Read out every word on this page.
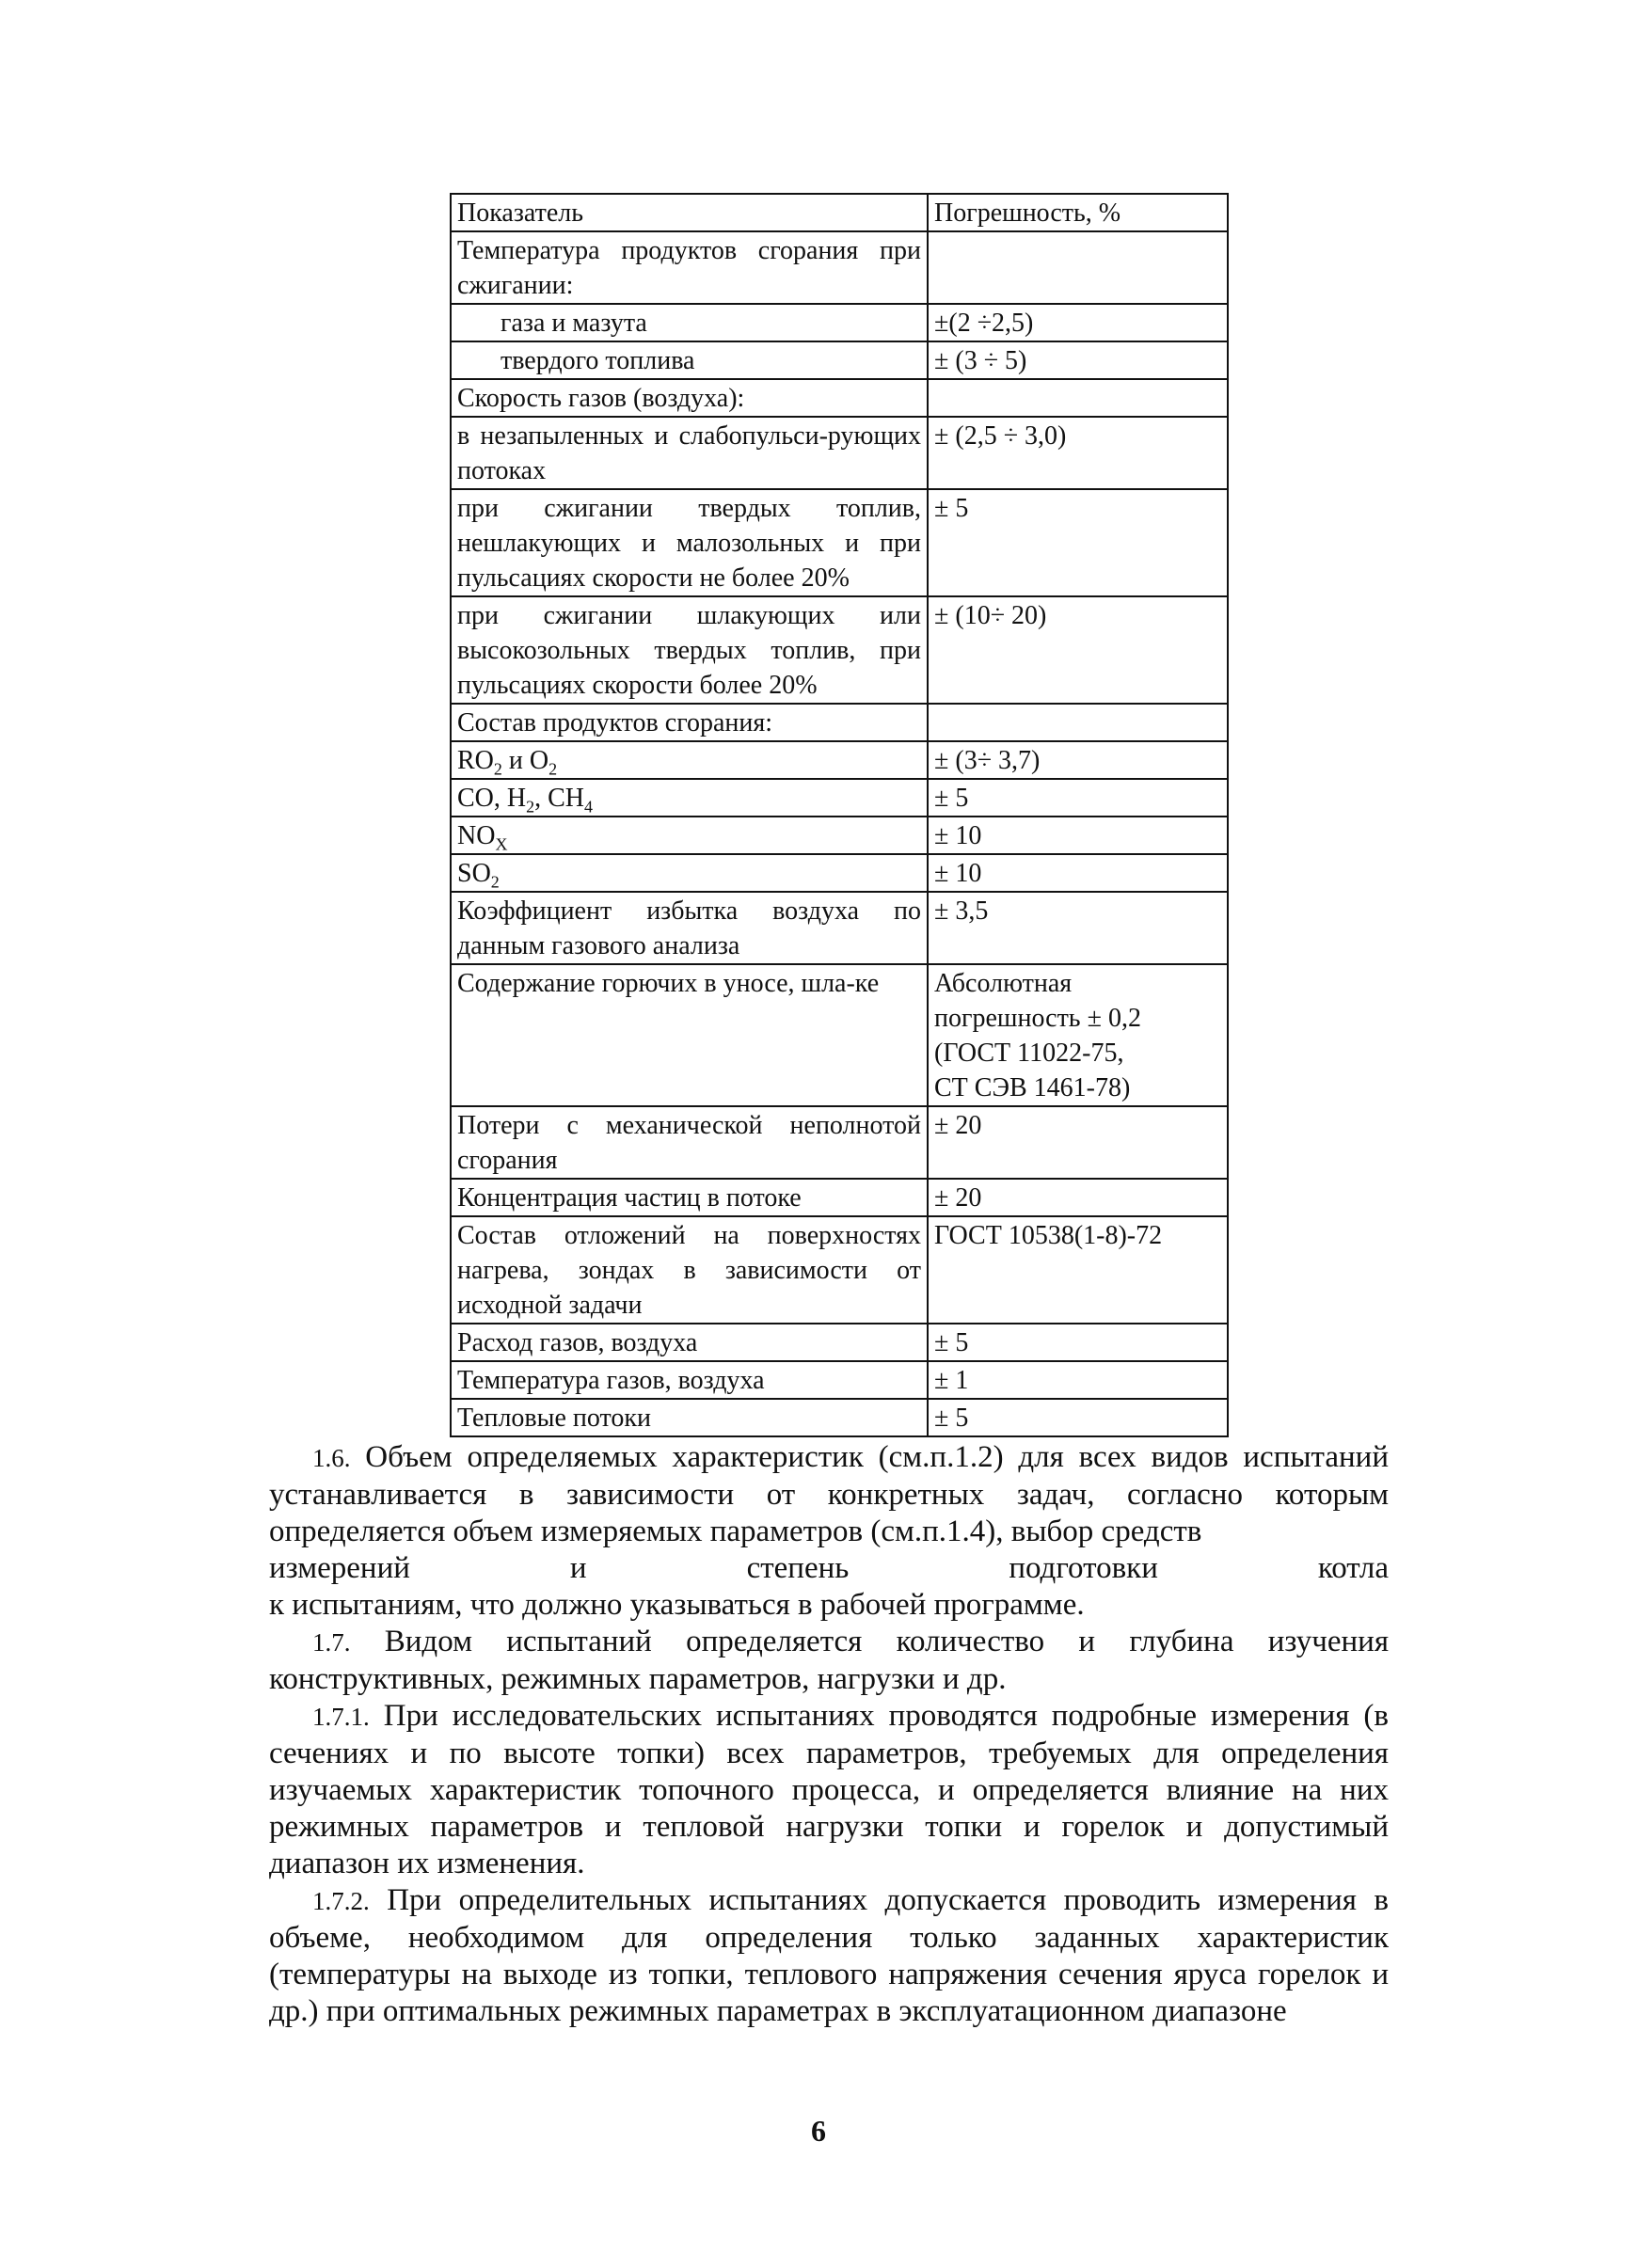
Показатель	Погрешность, %
Температура продуктов сгорания при сжигании:	
газа и мазута	±(2 ÷2,5)
твердого топлива	± (3 ÷ 5)
Скорость газов (воздуха):	
в незапыленных и слабопульси-рующих потоках	± (2,5 ÷ 3,0)
при сжигании твердых топлив, нешлакующих и малозольных и при пульсациях скорости не более 20%	± 5
при сжигании шлакующих или высокозольных твердых топлив, при пульсациях скорости более 20%	± (10÷ 20)
Состав продуктов сгорания:	
$RO_2$ и $O_2$	± (3÷ 3,7)
CO, $H_2$, $CH_4$	± 5
$NO_X$	± 10
$SO_2$	± 10
Коэффициент избытка воздуха по данным газового анализа	± 3,5
Содержание горючих в уносе, шла-ке	Абсолютная
погрешность ± 0,2
(ГОСТ 11022-75,
СТ СЭВ 1461-78)

Потери с механической неполнотой сгорания	± 20
Концентрация частиц в потоке	± 20
Состав отложений на поверхностях нагрева, зондах в зависимости от исходной задачи	ГОСТ 10538(1-8)-72
Расход газов, воздуха	± 5
Температура газов, воздуха	± 1
Тепловые потоки	± 5

1.6. Объем определяемых характеристик (см.п.1.2) для всех видов испытаний устанавливается в зависимости от конкретных задач, согласно которым определяется объем измеряемых параметров (см.п.1.4), выбор средств

измерений и степень подготовки котла

к испытаниям, что должно указываться в рабочей программе.

1.7. Видом испытаний определяется количество и глубина изучения конструктивных, режимных параметров, нагрузки и др.

1.7.1. При исследовательских испытаниях проводятся подробные измерения (в сечениях и по высоте топки) всех параметров, требуемых для определения изучаемых характеристик топочного процесса, и определяется влияние на них режимных параметров и тепловой нагрузки топки и горелок и допустимый диапазон их изменения.

1.7.2. При определительных испытаниях допускается проводить измерения в объеме, необходимом для определения только заданных характеристик (температуры на выходе из топки, теплового напряжения сечения яруса горелок и др.) при оптимальных режимных параметрах в эксплуатационном диапазоне

6
